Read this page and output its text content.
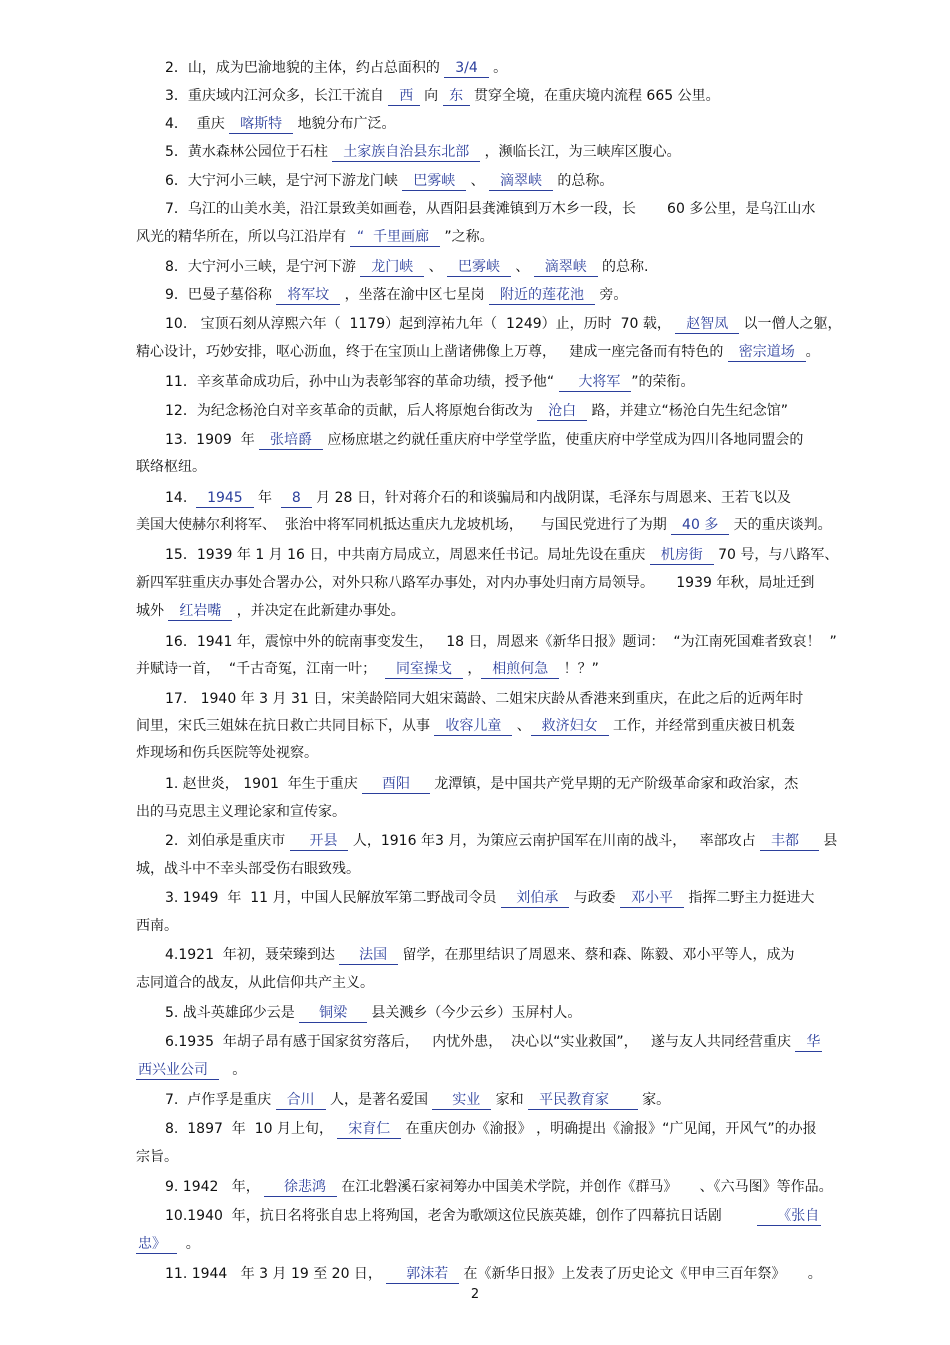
2．山，成为巴渝地貌的主体，约占总面积的   3/4   。
3．重庆域内江河众多，长江干流自   西  向  东  贯穿全境，在重庆境内流程 665 公里。
4．  重庆   喀斯特   地貌分布广泛。
5．黄水森林公园位于石柱   土家族自治县东北部   ，濒临长江，为三峡库区腹心。
6．大宁河小三峡，是宁河下游龙门峡   巴雾峡   、   滴翠峡   的总称。
7．乌江的山美水美，沿江景致美如画卷，从酉阳县龚滩镇到万木乡一段，长       60 多公里，是乌江山水
风光的精华所在，所以乌江沿岸有  “  千里画廊   ”之称。
8．大宁河小三峡，是宁河下游   龙门峡   、   巴雾峡   、   滴翠峡   的总称.
9．巴曼子墓俗称   将军坟   ，坐落在渝中区七星岗   附近的莲花池   旁。
10.   宝顶石刻从淳熙六年（  1179）起到淳祐九年（  1249）止，历时  70 载，   赵智凤   以一僧人之躯，
精心设计，巧妙安排，呕心沥血，终于在宝顶山上凿诸佛像上万尊，   建成一座完备而有特色的   密宗道场  。
11．辛亥革命成功后，孙中山为表彰邹容的革命功绩，授予他“     大将军  ”的荣衔。
12．为纪念杨沧白对辛亥革命的贡献，后人将原炮台街改为   沧白   路，并建立“杨沧白先生纪念馆”
13.  1909  年   张培爵   应杨庶堪之约就任重庆府中学堂学监，使重庆府中学堂成为四川各地同盟会的
联络枢纽。
14.    1945   年    8   月 28 日，针对蒋介石的和谈骗局和内战阴谋，毛泽东与周恩来、王若飞以及
美国大使赫尔利将军、  张治中将军同机抵达重庆九龙坡机场，    与国民党进行了为期   40 多   天的重庆谈判。
15．1939 年 1 月 16 日，中共南方局成立，周恩来任书记。局址先设在重庆   机房街   70 号，与八路军、
新四军驻重庆办事处合署办公，对外只称八路军办事处，对内办事处归南方局领导。     1939 年秋，局址迁到
城外   红岩嘴   ，并决定在此新建办事处。
16．1941 年，震惊中外的皖南事变发生，   18 日，周恩来《新华日报》题词：  “为江南死国难者致哀！  ”
并赋诗一首，  “千古奇冤，江南一叶；    同室操戈   ，  相煎何急   ！？”
17.   1940 年 3 月 31 日，宋美龄陪同大姐宋蔼龄、二姐宋庆龄从香港来到重庆，在此之后的近两年时
间里，宋氏三姐妹在抗日救亡共同目标下，从事   收容儿童   、  救济妇女   工作，并经常到重庆被日机轰
炸现场和伤兵医院等处视察。
1. 赵世炎， 1901  年生于重庆     酉阳     龙潭镇，是中国共产党早期的无产阶级革命家和政治家，杰
出的马克思主义理论家和宣传家。
2.  刘伯承是重庆市     开县   人，1916 年3 月，为策应云南护国军在川南的战斗，   率部攻占   丰都     县
城，战斗中不幸头部受伤右眼致残。
3. 1949  年  11 月，中国人民解放军第二野战司令员    刘伯承   与政委   邓小平   指挥二野主力挺进大
西南。
4.1921  年初，聂荣臻到达     法国   留学，在那里结识了周恩来、蔡和森、陈毅、邓小平等人，成为
志同道合的战友，从此信仰共产主义。
5. 战斗英雄邱少云是     铜梁     县关溅乡（今少云乡）玉屏村人。
6.1935  年胡子昂有感于国家贫穷落后，   内忧外患，  决心以“实业救国”，   遂与友人共同经营重庆   华
西兴业公司     。
7.  卢作孚是重庆   合川   人，是著名爱国     实业   家和   平民教育家       家。
8.  1897  年  10 月上旬，   宋育仁   在重庆创办《渝报》 ，明确提出《渝报》“广见闻，开风气”的办报
宗旨。
9. 1942   年，     徐悲鸿   在江北磐溪石家祠筹办中国美术学院，并创作《群马》     、《六马图》等作品。
10.1940  年，抗日名将张自忠上将殉国，老舍为歌颂这位民族英雄，创作了四幕抗日话剧            《张自
忠》    。
11. 1944   年 3 月 19 至 20 日，     郭沫若   在《新华日报》上发表了历史论文《甲申三百年祭》     。
2
